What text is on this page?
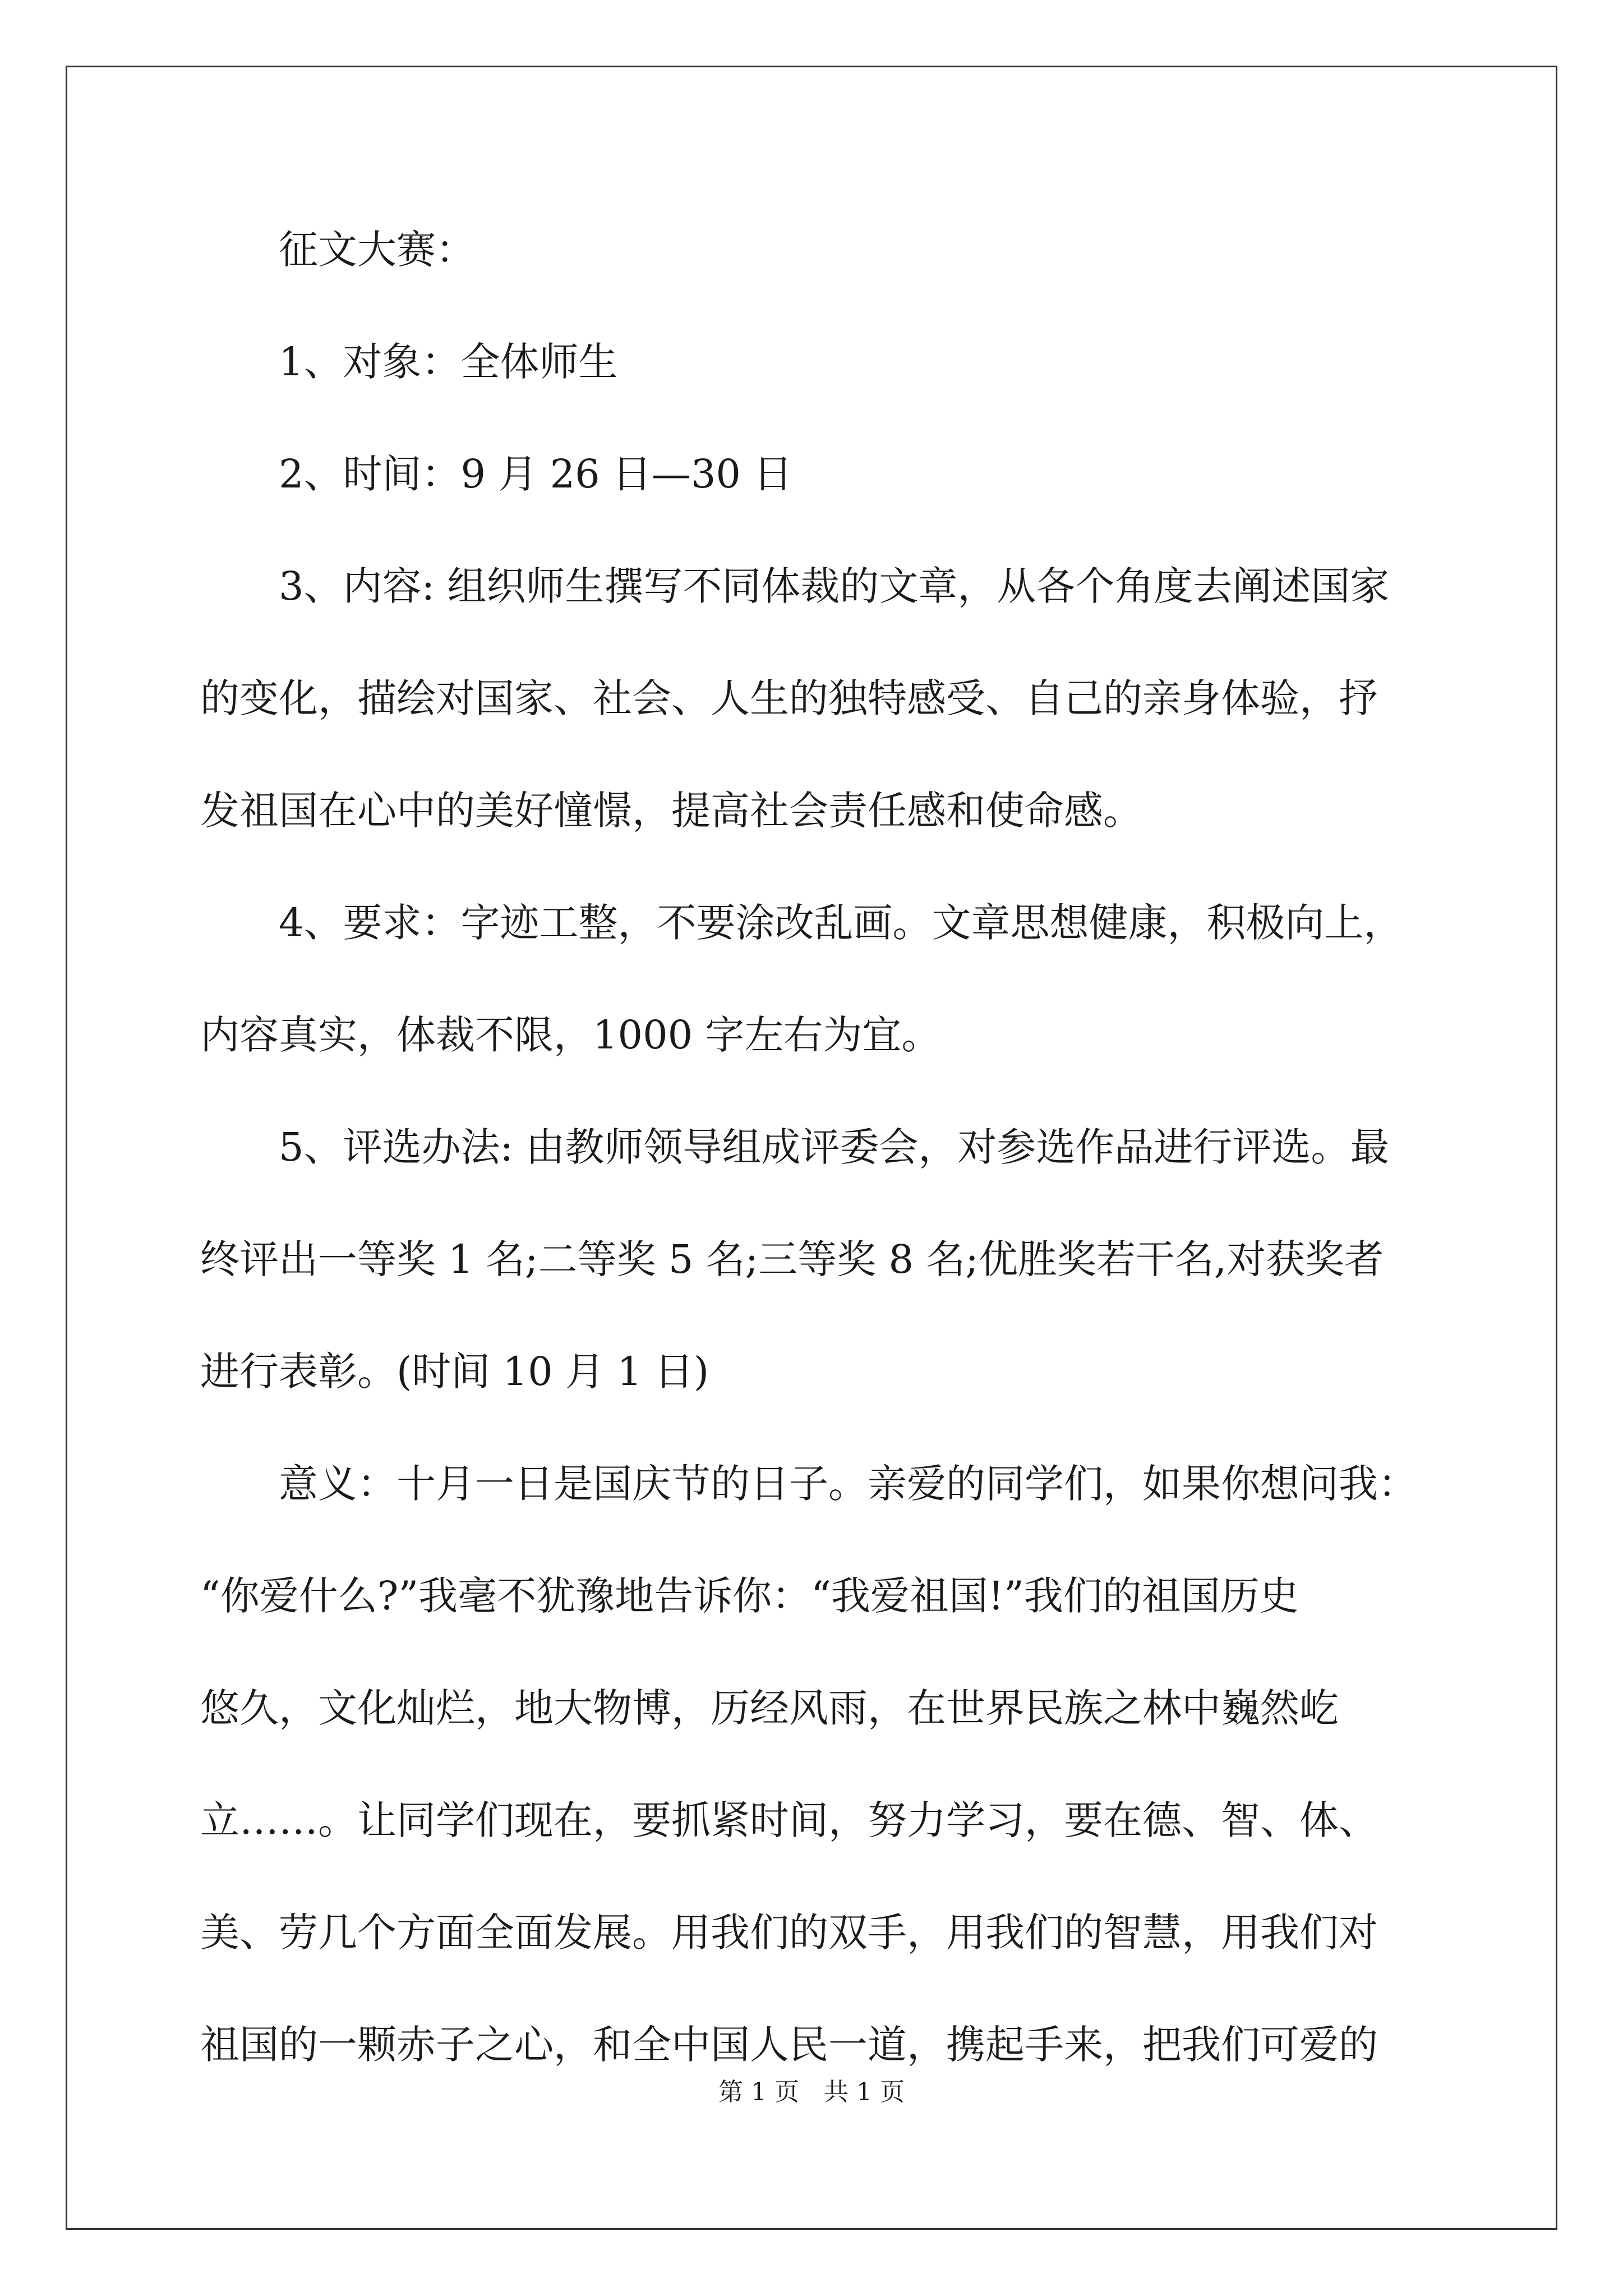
征文大赛：
1、对象：全体师生
2、时间：9 月 26 日—30 日
3、内容: 组织师生撰写不同体裁的文章，从各个角度去阐述国家
的变化，描绘对国家、社会、人生的独特感受、自己的亲身体验，抒
发祖国在心中的美好憧憬，提高社会责任感和使命感。
4、要求：字迹工整，不要涂改乱画。文章思想健康，积极向上，
内容真实，体裁不限，1000 字左右为宜。
5、评选办法: 由教师领导组成评委会，对参选作品进行评选。最
终评出一等奖 1 名;二等奖 5 名;三等奖 8 名;优胜奖若干名,对获奖者
进行表彰。(时间 10 月 1 日)
意义：十月一日是国庆节的日子。亲爱的同学们，如果你想问我：
“你爱什么?”我毫不犹豫地告诉你：“我爱祖国!”我们的祖国历史
悠久，文化灿烂，地大物博，历经风雨，在世界民族之林中巍然屹
立……。让同学们现在，要抓紧时间，努力学习，要在德、智、体、
美、劳几个方面全面发展。用我们的双手，用我们的智慧，用我们对
祖国的一颗赤子之心，和全中国人民一道，携起手来，把我们可爱的
第 1 页　共 1 页
